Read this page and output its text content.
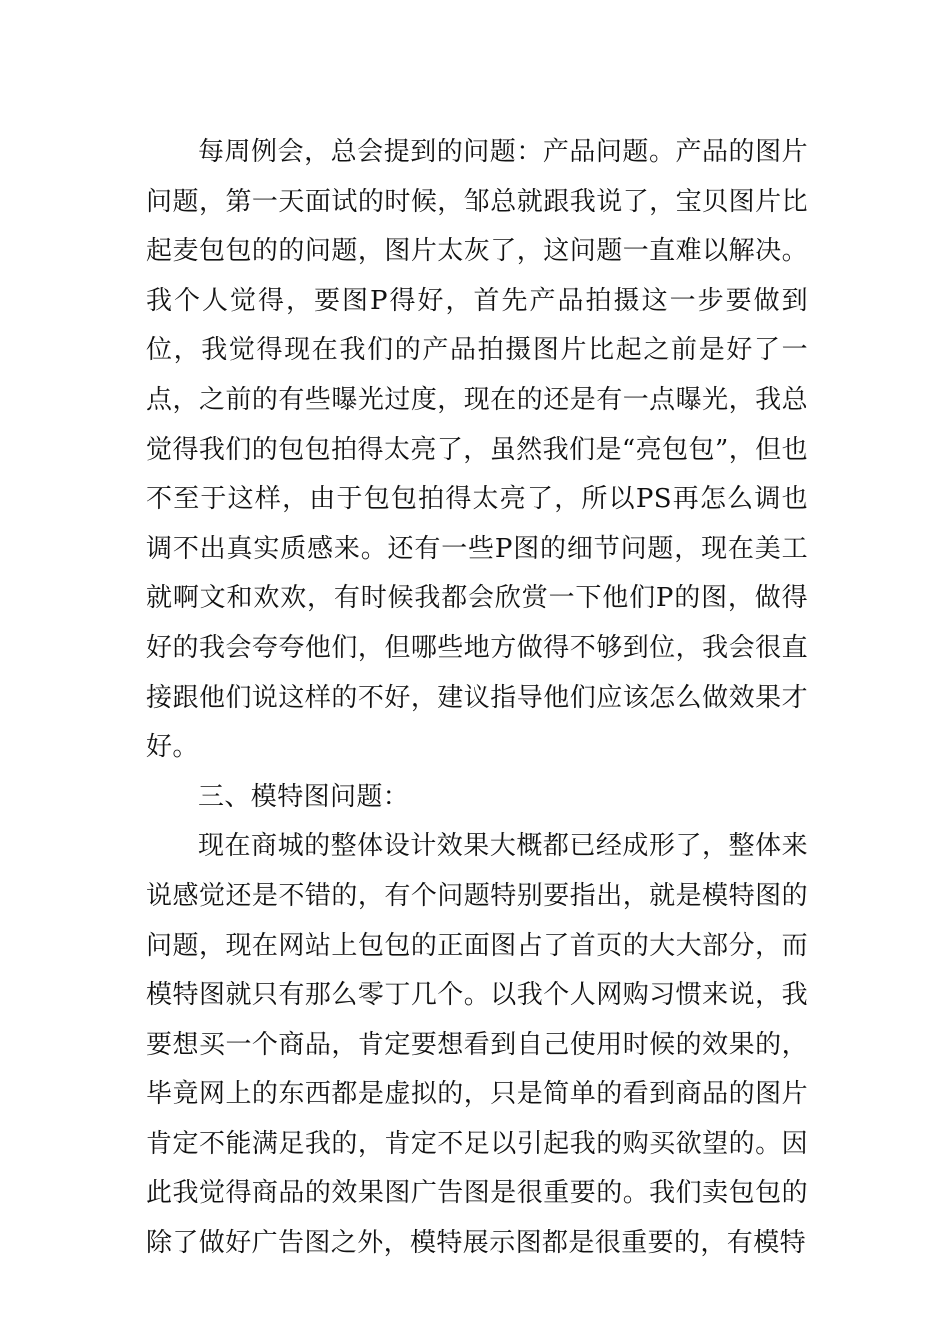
每周例会，总会提到的问题：产品问题。产品的图片问题，第一天面试的时候，邹总就跟我说了，宝贝图片比起麦包包的的问题，图片太灰了，这问题一直难以解决。我个人觉得，要图P得好，首先产品拍摄这一步要做到位，我觉得现在我们的产品拍摄图片比起之前是好了一点，之前的有些曝光过度，现在的还是有一点曝光，我总觉得我们的包包拍得太亮了，虽然我们是“亮包包”，但也不至于这样，由于包包拍得太亮了，所以PS再怎么调也调不出真实质感来。还有一些P图的细节问题，现在美工就啊文和欢欢，有时候我都会欣赏一下他们P的图，做得好的我会夸夸他们，但哪些地方做得不够到位，我会很直接跟他们说这样的不好，建议指导他们应该怎么做效果才好。

三、模特图问题：

现在商城的整体设计效果大概都已经成形了，整体来说感觉还是不错的，有个问题特别要指出，就是模特图的问题，现在网站上包包的正面图占了首页的大大部分，而模特图就只有那么零丁几个。以我个人网购习惯来说，我要想买一个商品，肯定要想看到自己使用时候的效果的，毕竟网上的东西都是虚拟的，只是简单的看到商品的图片肯定不能满足我的，肯定不足以引起我的购买欲望的。因此我觉得商品的效果图广告图是很重要的。我们卖包包的除了做好广告图之外，模特展示图都是很重要的，有模特
